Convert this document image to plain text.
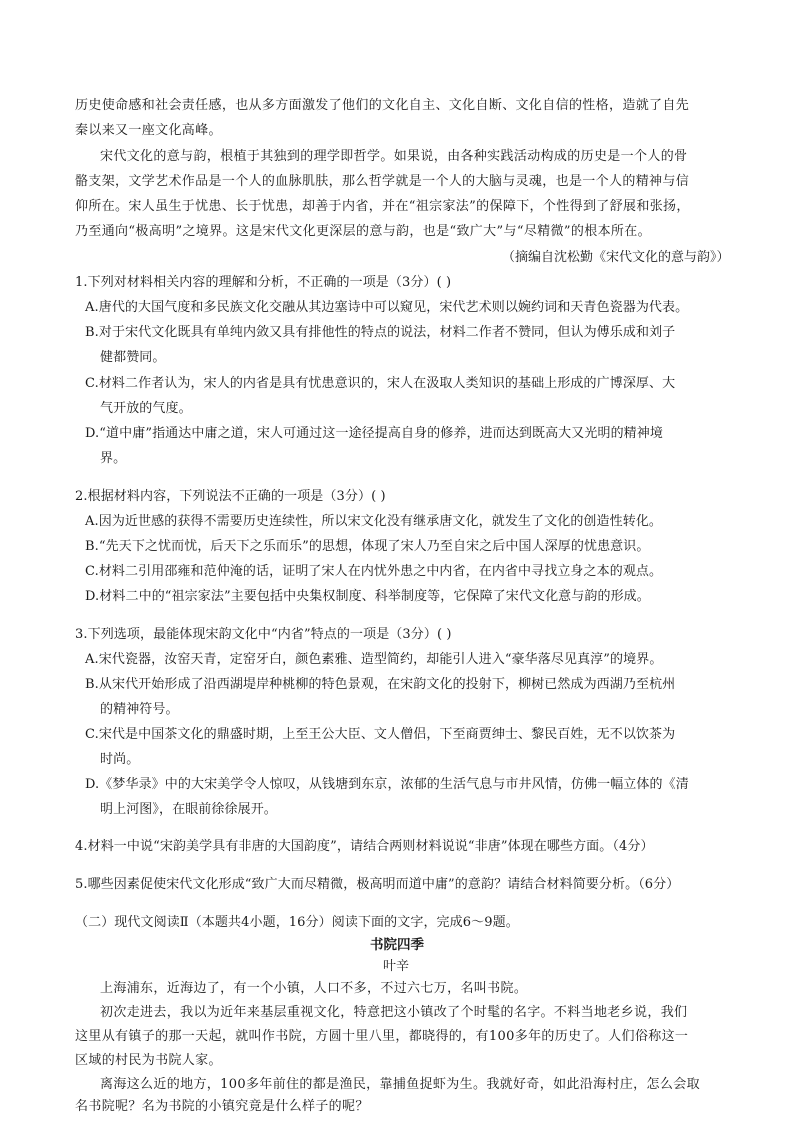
历史使命感和社会责任感，也从多方面激发了他们的文化自主、文化自断、文化自信的性格，造就了自先
秦以来又一座文化高峰。
宋代文化的意与韵，根植于其独到的理学即哲学。如果说，由各种实践活动构成的历史是一个人的骨
骼支架，文学艺术作品是一个人的血脉肌肤，那么哲学就是一个人的大脑与灵魂，也是一个人的精神与信
仰所在。宋人虽生于忧患、长于忧患，却善于内省，并在“祖宗家法”的保障下，个性得到了舒展和张扬，
乃至通向“极高明”之境界。这是宋代文化更深层的意与韵，也是“致广大”与“尽精微”的根本所在。
（摘编自沈松勤《宋代文化的意与韵》）
1.下列对材料相关内容的理解和分析，不正确的一项是（3分）( )
A.唐代的大国气度和多民族文化交融从其边塞诗中可以窥见，宋代艺术则以婉约词和天青色瓷器为代表。
B.对于宋代文化既具有单纯内敛又具有排他性的特点的说法，材料二作者不赞同，但认为傅乐成和刘子
健都赞同。
C.材料二作者认为，宋人的内省是具有忧患意识的，宋人在汲取人类知识的基础上形成的广博深厚、大
气开放的气度。
D.“道中庸”指通达中庸之道，宋人可通过这一途径提高自身的修养，进而达到既高大又光明的精神境
界。
2.根据材料内容，下列说法不正确的一项是（3分）( )
A.因为近世感的获得不需要历史连续性，所以宋文化没有继承唐文化，就发生了文化的创造性转化。
B.“先天下之忧而忧，后天下之乐而乐”的思想，体现了宋人乃至自宋之后中国人深厚的忧患意识。
C.材料二引用邵雍和范仲淹的话，证明了宋人在内忧外患之中内省，在内省中寻找立身之本的观点。
D.材料二中的“祖宗家法”主要包括中央集权制度、科举制度等，它保障了宋代文化意与韵的形成。
3.下列选项，最能体现宋韵文化中“内省”特点的一项是（3分）( )
A.宋代瓷器，汝窑天青，定窑牙白，颜色素雅、造型简约，却能引人进入“豪华落尽见真淳”的境界。
B.从宋代开始形成了沿西湖堤岸种桃柳的特色景观，在宋韵文化的投射下，柳树已然成为西湖乃至杭州
的精神符号。
C.宋代是中国茶文化的鼎盛时期，上至王公大臣、文人僧侣，下至商贾绅士、黎民百姓，无不以饮茶为
时尚。
D.《梦华录》中的大宋美学令人惊叹，从钱塘到东京，浓郁的生活气息与市井风情，仿佛一幅立体的《清
明上河图》，在眼前徐徐展开。
4.材料一中说“宋韵美学具有非唐的大国韵度”，请结合两则材料说说“非唐”体现在哪些方面。（4分）
5.哪些因素促使宋代文化形成“致广大而尽精微，极高明而道中庸”的意韵？请结合材料简要分析。（6分）
（二）现代文阅读Ⅱ（本题共4小题，16分）阅读下面的文字，完成6～9题。
书院四季
叶辛
上海浦东，近海边了，有一个小镇，人口不多，不过六七万，名叫书院。
初次走进去，我以为近年来基层重视文化，特意把这小镇改了个时髦的名字。不料当地老乡说，我们
这里从有镇子的那一天起，就叫作书院，方圆十里八里，都晓得的，有100多年的历史了。人们俗称这一
区域的村民为书院人家。
离海这么近的地方，100多年前住的都是渔民，靠捕鱼捉虾为生。我就好奇，如此沿海村庄，怎么会取
名书院呢？名为书院的小镇究竟是什么样子的呢？
